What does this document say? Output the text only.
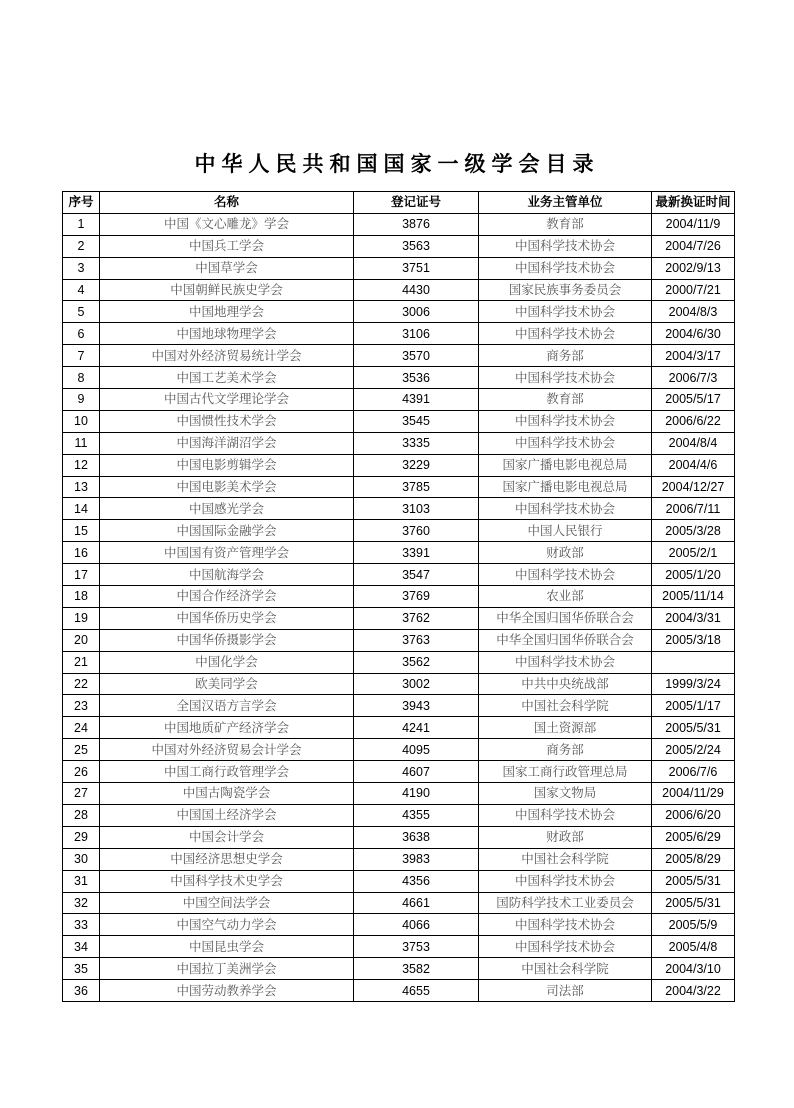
中华人民共和国国家一级学会目录
序号	名称	登记证号	业务主管单位	最新换证时间
1	中国《文心雕龙》学会	3876	教育部	2004/11/9
2	中国兵工学会	3563	中国科学技术协会	2004/7/26
3	中国草学会	3751	中国科学技术协会	2002/9/13
4	中国朝鲜民族史学会	4430	国家民族事务委员会	2000/7/21
5	中国地理学会	3006	中国科学技术协会	2004/8/3
6	中国地球物理学会	3106	中国科学技术协会	2004/6/30
7	中国对外经济贸易统计学会	3570	商务部	2004/3/17
8	中国工艺美术学会	3536	中国科学技术协会	2006/7/3
9	中国古代文学理论学会	4391	教育部	2005/5/17
10	中国惯性技术学会	3545	中国科学技术协会	2006/6/22
11	中国海洋湖沼学会	3335	中国科学技术协会	2004/8/4
12	中国电影剪辑学会	3229	国家广播电影电视总局	2004/4/6
13	中国电影美术学会	3785	国家广播电影电视总局	2004/12/27
14	中国感光学会	3103	中国科学技术协会	2006/7/11
15	中国国际金融学会	3760	中国人民银行	2005/3/28
16	中国国有资产管理学会	3391	财政部	2005/2/1
17	中国航海学会	3547	中国科学技术协会	2005/1/20
18	中国合作经济学会	3769	农业部	2005/11/14
19	中国华侨历史学会	3762	中华全国归国华侨联合会	2004/3/31
20	中国华侨摄影学会	3763	中华全国归国华侨联合会	2005/3/18
21	中国化学会	3562	中国科学技术协会	
22	欧美同学会	3002	中共中央统战部	1999/3/24
23	全国汉语方言学会	3943	中国社会科学院	2005/1/17
24	中国地质矿产经济学会	4241	国土资源部	2005/5/31
25	中国对外经济贸易会计学会	4095	商务部	2005/2/24
26	中国工商行政管理学会	4607	国家工商行政管理总局	2006/7/6
27	中国古陶瓷学会	4190	国家文物局	2004/11/29
28	中国国土经济学会	4355	中国科学技术协会	2006/6/20
29	中国会计学会	3638	财政部	2005/6/29
30	中国经济思想史学会	3983	中国社会科学院	2005/8/29
31	中国科学技术史学会	4356	中国科学技术协会	2005/5/31
32	中国空间法学会	4661	国防科学技术工业委员会	2005/5/31
33	中国空气动力学会	4066	中国科学技术协会	2005/5/9
34	中国昆虫学会	3753	中国科学技术协会	2005/4/8
35	中国拉丁美洲学会	3582	中国社会科学院	2004/3/10
36	中国劳动教养学会	4655	司法部	2004/3/22
